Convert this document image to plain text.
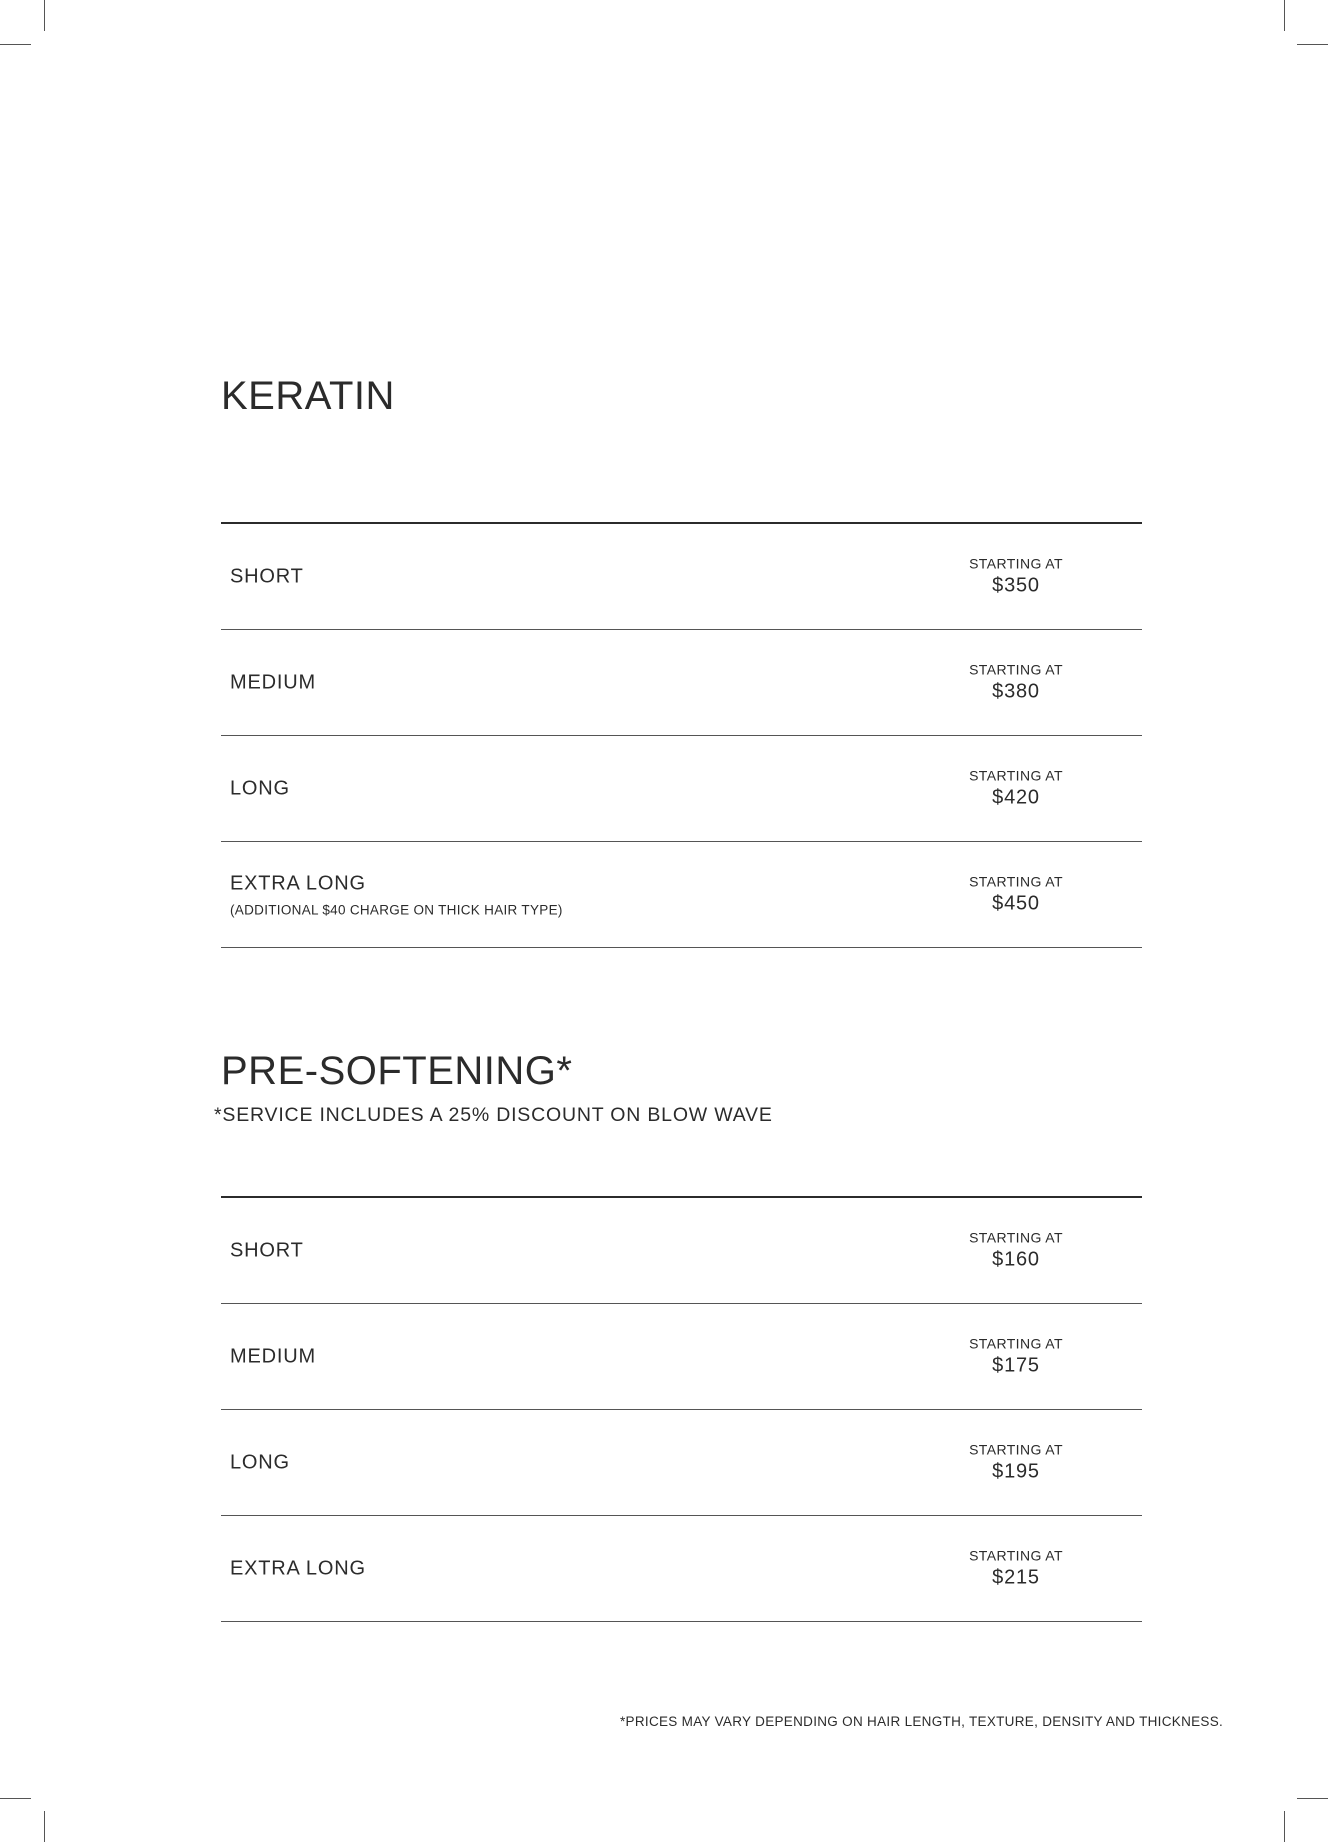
KERATIN
SHORT
STARTING AT
$350
MEDIUM
STARTING AT
$380
LONG
STARTING AT
$420
EXTRA LONG
(ADDITIONAL $40 CHARGE ON THICK HAIR TYPE)
STARTING AT
$450
PRE-SOFTENING*
*SERVICE INCLUDES A 25% DISCOUNT ON BLOW WAVE
SHORT
STARTING AT
$160
MEDIUM
STARTING AT
$175
LONG
STARTING AT
$195
EXTRA LONG
STARTING AT
$215
*PRICES MAY VARY DEPENDING ON HAIR LENGTH, TEXTURE, DENSITY AND THICKNESS.
